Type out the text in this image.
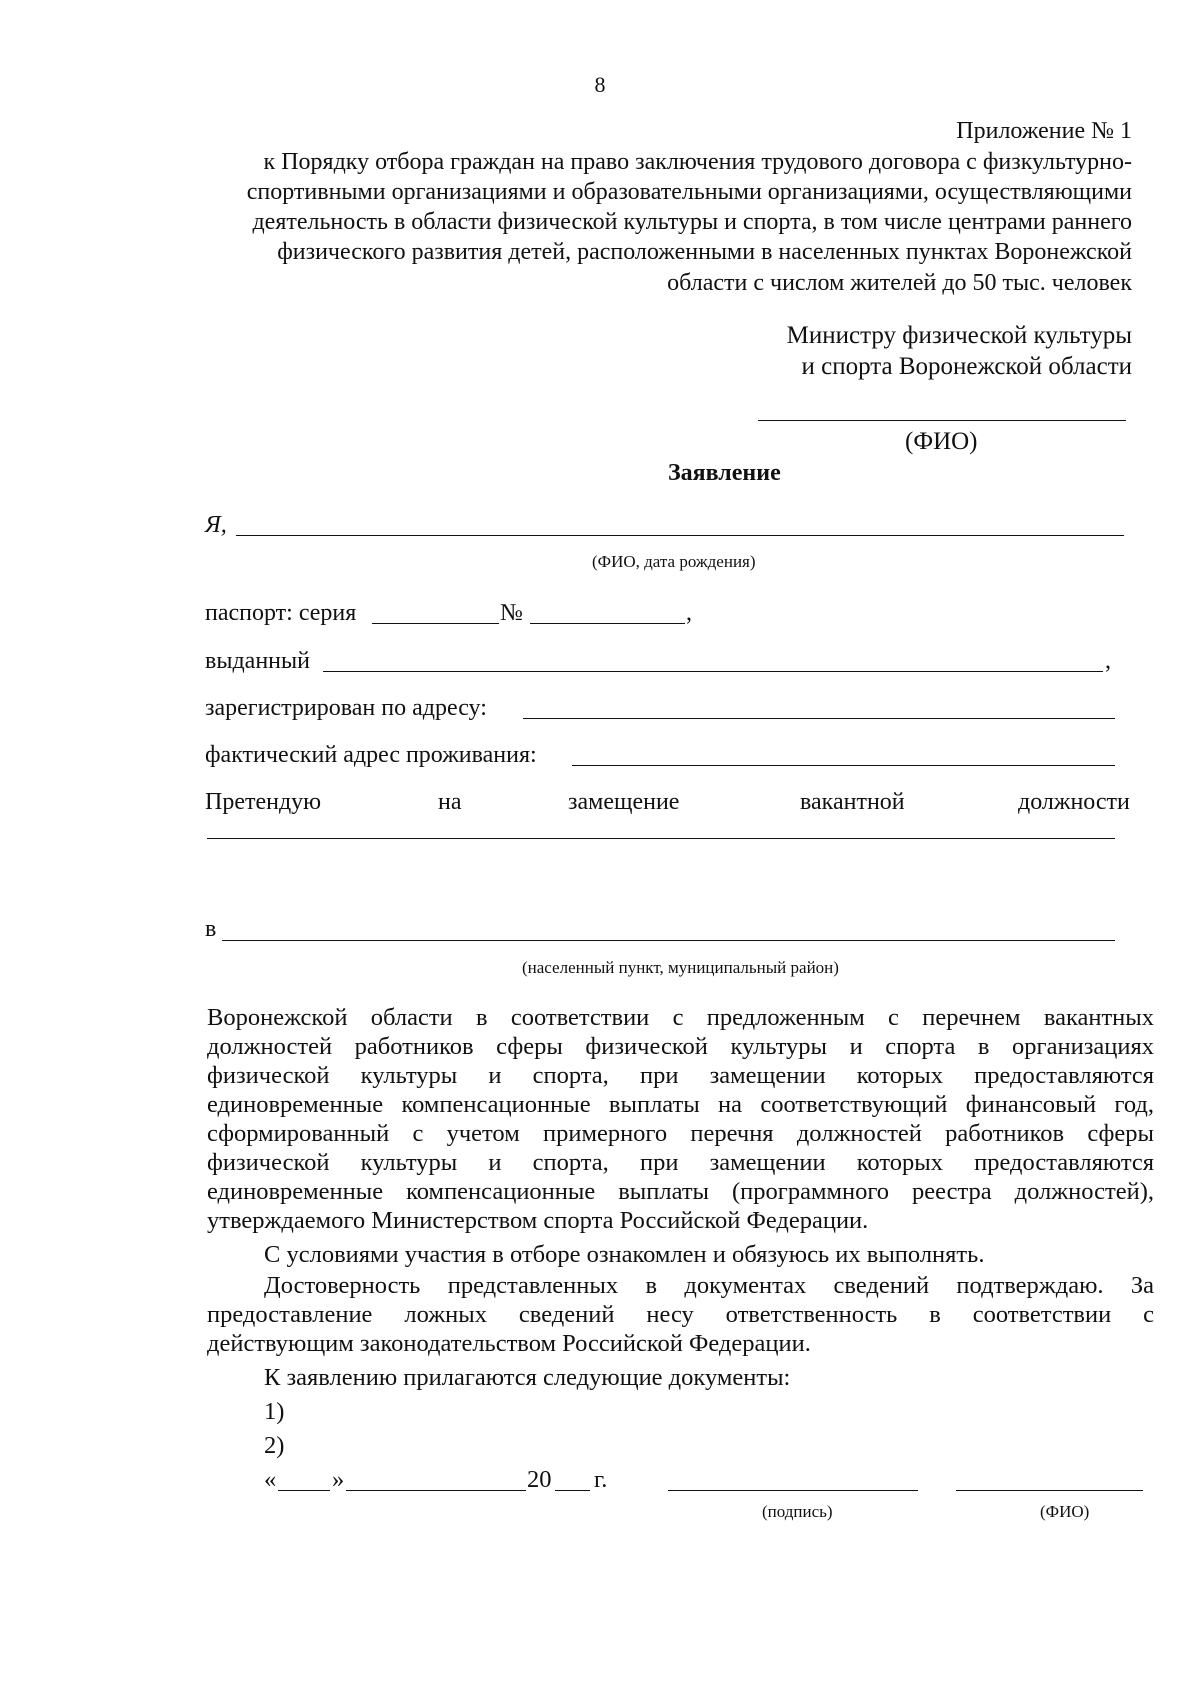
8
Приложение № 1
к Порядку отбора граждан на право заключения трудового договора с физкультурно-
спортивными организациями и образовательными организациями, осуществляющими
деятельность в области физической культуры и спорта, в том числе центрами раннего
физического развития детей, расположенными в населенных пунктах Воронежской
области с числом жителей до 50 тыс. человек
Министру физической культуры
и спорта Воронежской области
(ФИО)
Заявление
Я,
(ФИО, дата рождения)
паспорт: серия	№	,
выданный	,
зарегистрирован по адресу:
фактический адрес проживания:
Претендую	на	замещение	вакантной	должности
в
(населенный пункт, муниципальный район)
Воронежской области в соответствии с предложенным с перечнем вакантных
должностей работников сферы физической культуры и спорта в организациях
физической культуры и спорта, при замещении которых предоставляются
единовременные компенсационные выплаты на соответствующий финансовый год,
сформированный с учетом примерного перечня должностей работников сферы
физической культуры и спорта, при замещении которых предоставляются
единовременные компенсационные выплаты (программного реестра должностей),
утверждаемого Министерством спорта Российской Федерации.
С условиями участия в отборе ознакомлен и обязуюсь их выполнять.
Достоверность представленных в документах сведений подтверждаю. За
предоставление ложных сведений несу ответственность в соответствии с
действующим законодательством Российской Федерации.
К заявлению прилагаются следующие документы:
1)
2)
« »	20 г.
(подпись)	(ФИО)
